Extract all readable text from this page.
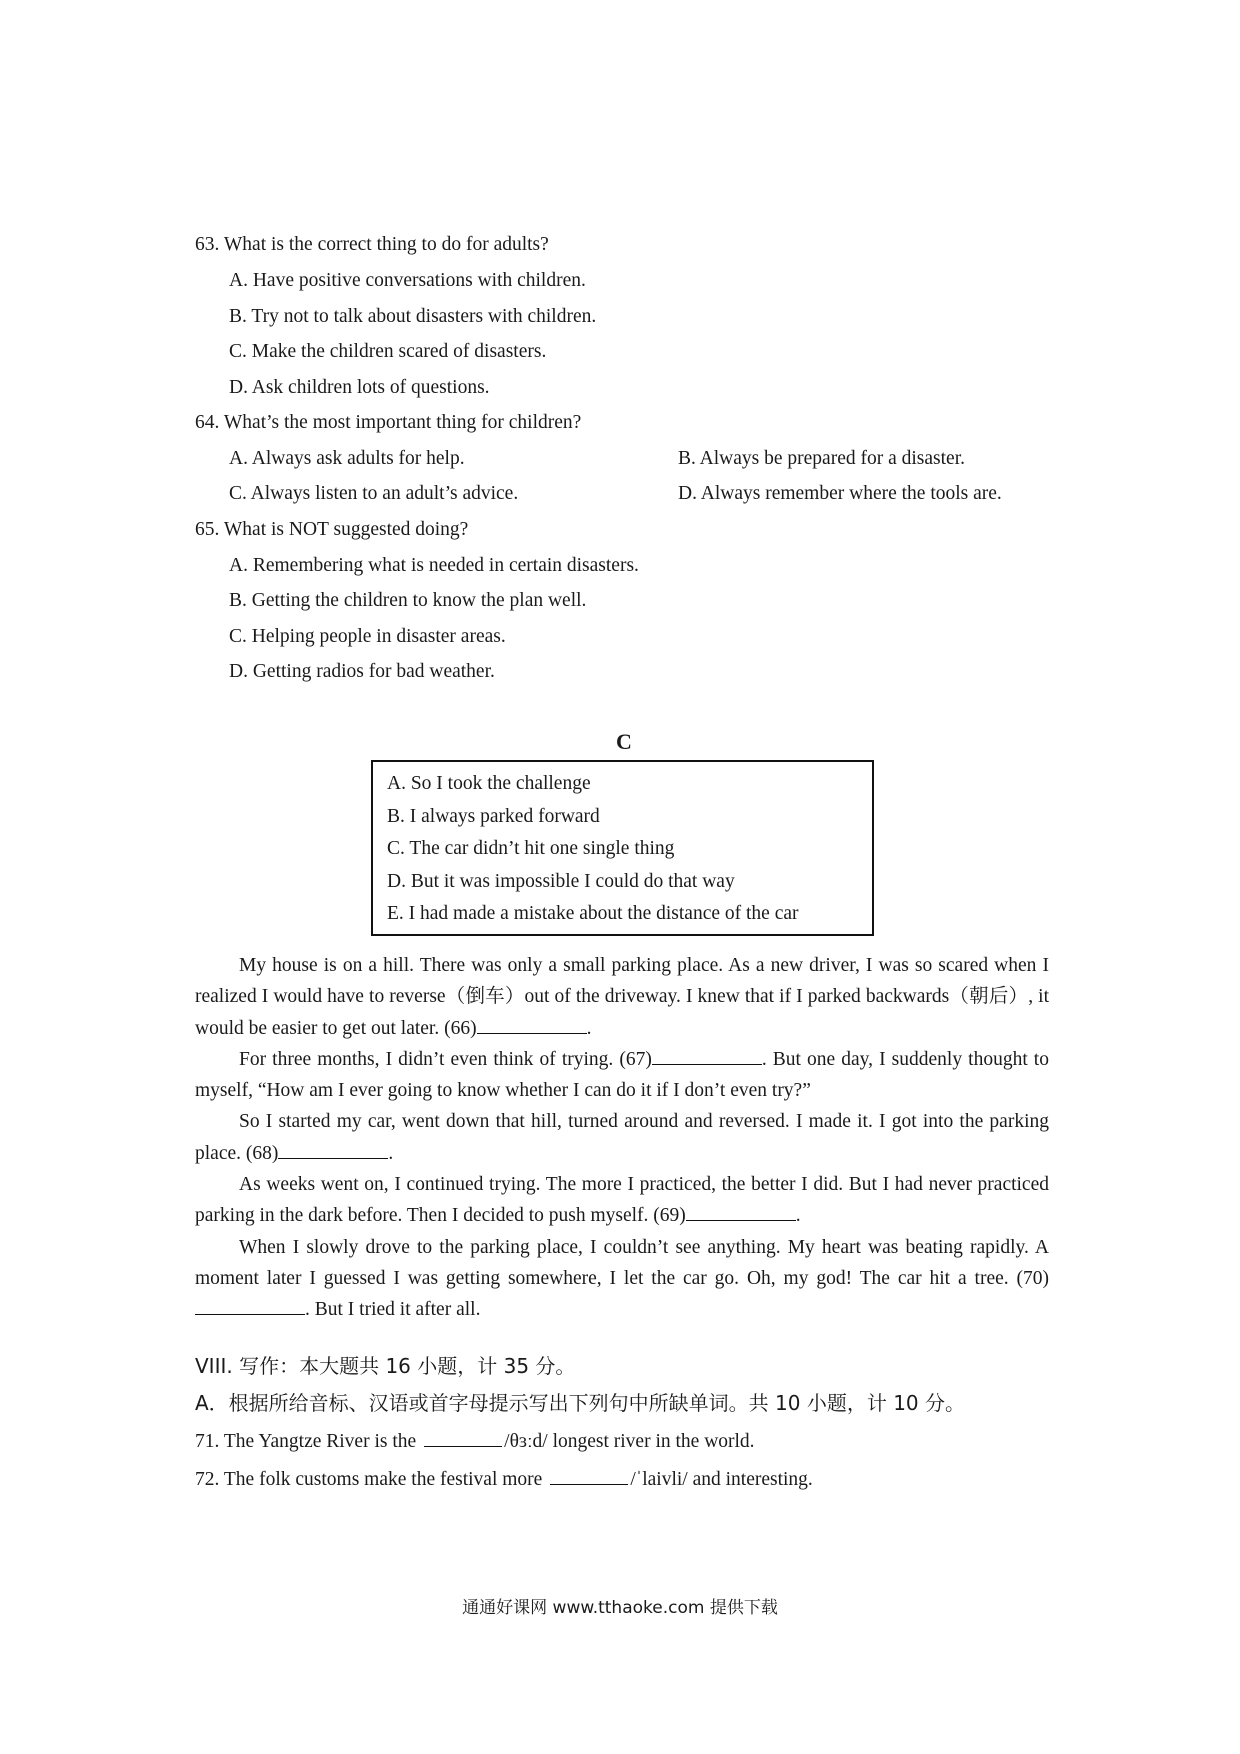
63. What is the correct thing to do for adults?
A. Have positive conversations with children.
B. Try not to talk about disasters with children.
C. Make the children scared of disasters.
D. Ask children lots of questions.
64. What’s the most important thing for children?
A. Always ask adults for help.	B. Always be prepared for a disaster.
C. Always listen to an adult’s advice.	D. Always remember where the tools are.
65. What is NOT suggested doing?
A. Remembering what is needed in certain disasters.
B. Getting the children to know the plan well.
C. Helping people in disaster areas.
D. Getting radios for bad weather.
C
A. So I took the challenge
B. I always parked forward
C. The car didn’t hit one single thing
D. But it was impossible I could do that way
E. I had made a mistake about the distance of the car

My house is on a hill. There was only a small parking place. As a new driver, I was so scared when I realized I would have to reverse（倒车）out of the driveway. I knew that if I parked backwards（朝后）, it would be easier to get out later. (66)	.

For three months, I didn’t even think of trying. (67)	. But one day, I suddenly thought to myself, “How am I ever going to know whether I can do it if I don’t even try?”

So I started my car, went down that hill, turned around and reversed. I made it. I got into the parking place. (68)	.

As weeks went on, I continued trying. The more I practiced, the better I did. But I had never practiced parking in the dark before. Then I decided to push myself. (69)	.

When I slowly drove to the parking place, I couldn’t see anything. My heart was beating rapidly. A moment later I guessed I was getting somewhere, I let the car go. Oh, my god! The car hit a tree. (70). But I tried it after all.

VIII. 写作：本大题共 16 小题，计 35 分。
A．根据所给音标、汉语或首字母提示写出下列句中所缺单词。共 10 小题，计 10 分。
71. The Yangtze River is the	/θɜːd/ longest river in the world.
72. The folk customs make the festival more	/ˈlaivli/ and interesting.
通通好课网 www.tthaoke.com 提供下载
